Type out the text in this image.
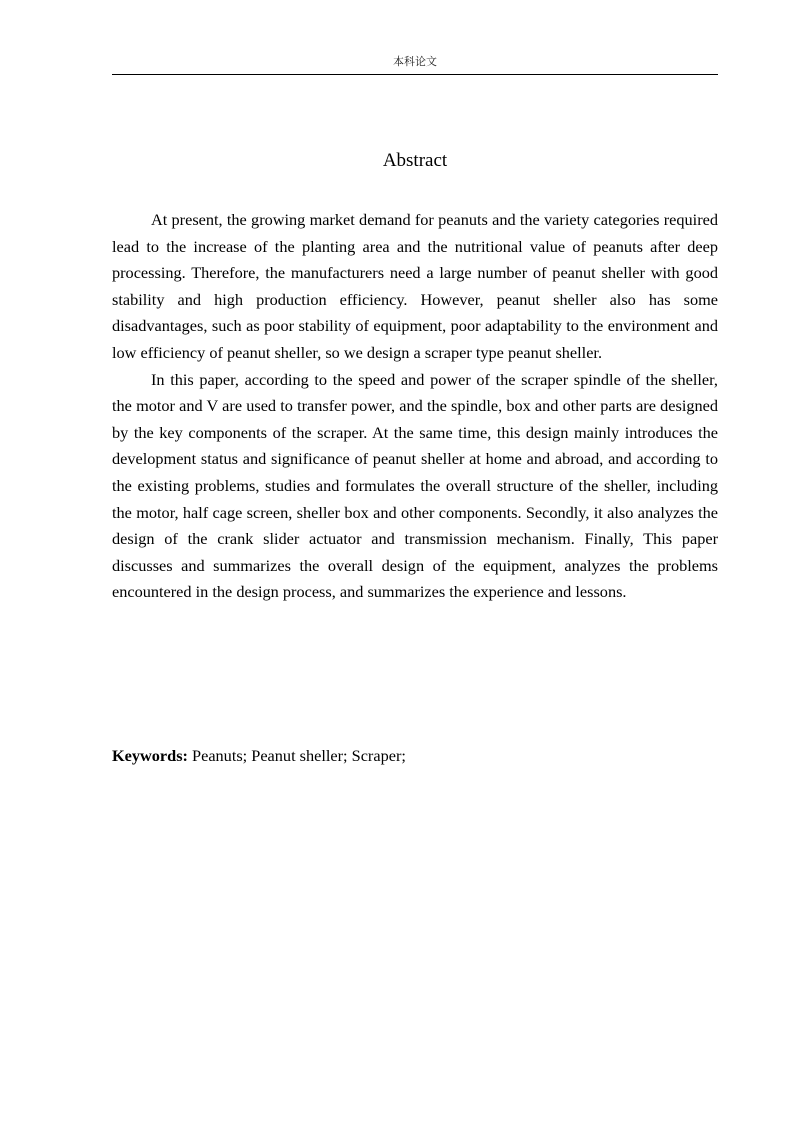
本科论文
Abstract

At present, the growing market demand for peanuts and the variety categories required lead to the increase of the planting area and the nutritional value of peanuts after deep processing. Therefore, the manufacturers need a large number of peanut sheller with good stability and high production efficiency. However, peanut sheller also has some disadvantages, such as poor stability of equipment, poor adaptability to the environment and low efficiency of peanut sheller, so we design a scraper type peanut sheller.

In this paper, according to the speed and power of the scraper spindle of the sheller, the motor and V are used to transfer power, and the spindle, box and other parts are designed by the key components of the scraper. At the same time, this design mainly introduces the development status and significance of peanut sheller at home and abroad, and according to the existing problems, studies and formulates the overall structure of the sheller, including the motor, half cage screen, sheller box and other components. Secondly, it also analyzes the design of the crank slider actuator and transmission mechanism. Finally, This paper discusses and summarizes the overall design of the equipment, analyzes the problems encountered in the design process, and summarizes the experience and lessons.

Keywords: Peanuts; Peanut sheller; Scraper;
